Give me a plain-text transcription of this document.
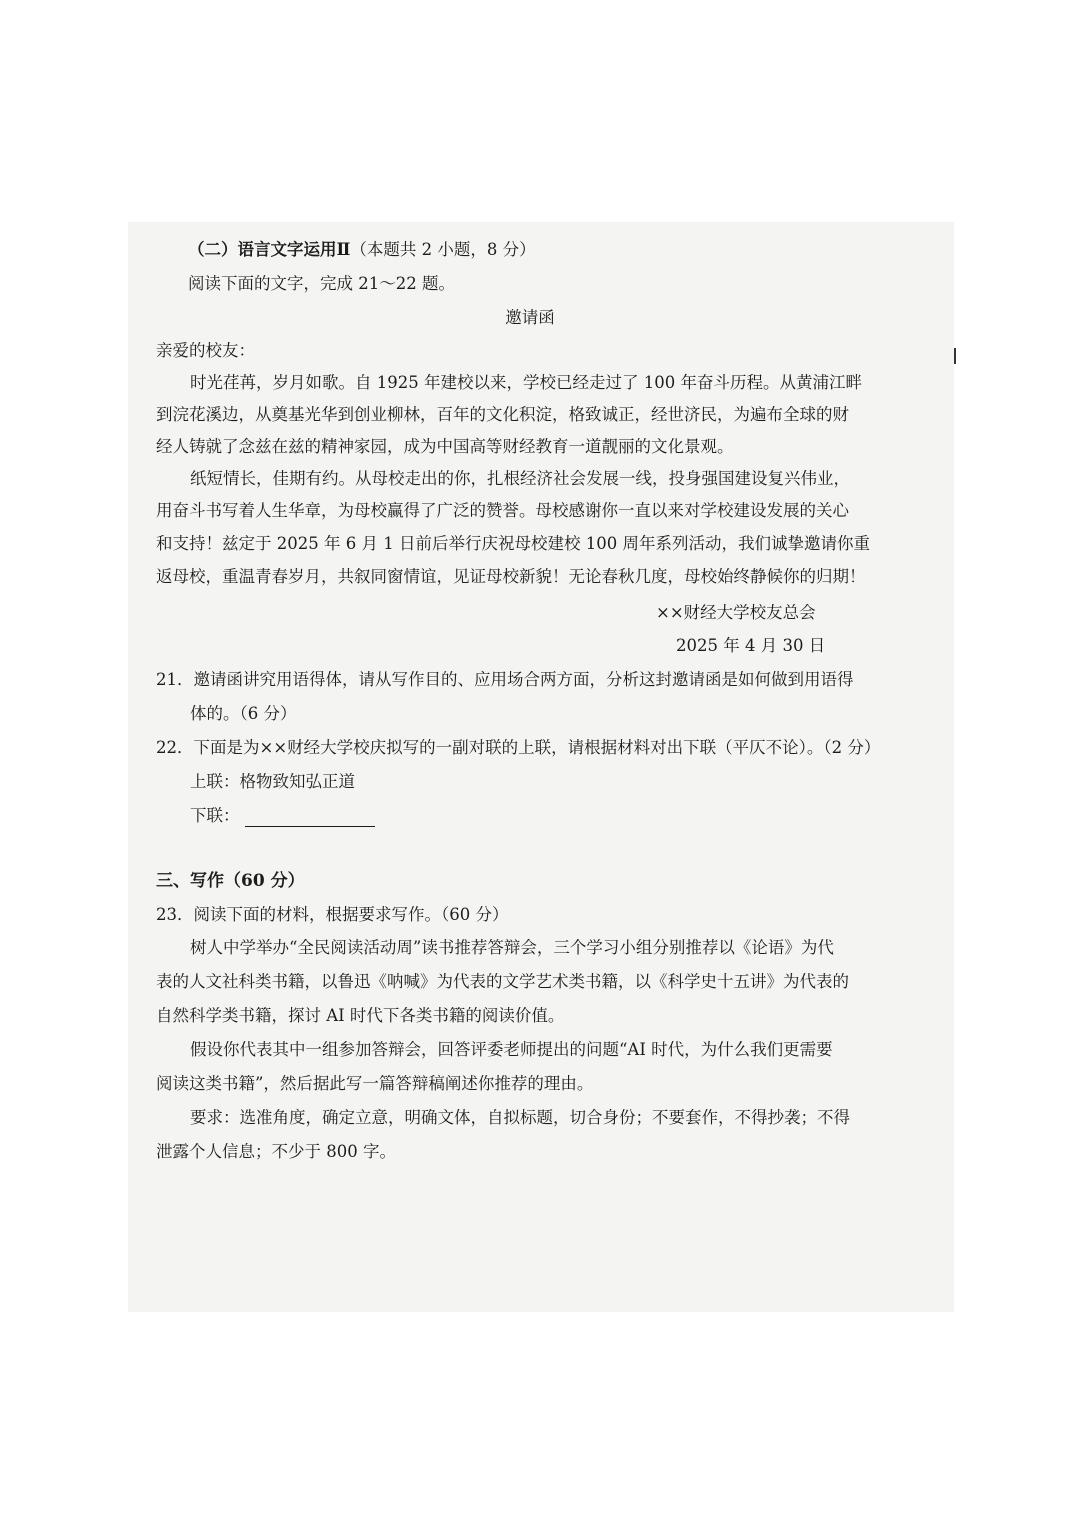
（二）语言文字运用Ⅱ（本题共 2 小题，8 分）
阅读下面的文字，完成 21～22 题。
邀请函
亲爱的校友：
时光荏苒，岁月如歌。自 1925 年建校以来，学校已经走过了 100 年奋斗历程。从黄浦江畔
到浣花溪边，从奠基光华到创业柳林，百年的文化积淀，格致诚正，经世济民，为遍布全球的财
经人铸就了念兹在兹的精神家园，成为中国高等财经教育一道靓丽的文化景观。
纸短情长，佳期有约。从母校走出的你，扎根经济社会发展一线，投身强国建设复兴伟业，
用奋斗书写着人生华章，为母校赢得了广泛的赞誉。母校感谢你一直以来对学校建设发展的关心
和支持！兹定于 2025 年 6 月 1 日前后举行庆祝母校建校 100 周年系列活动，我们诚挚邀请你重
返母校，重温青春岁月，共叙同窗情谊，见证母校新貌！无论春秋几度，母校始终静候你的归期！
××财经大学校友总会
2025 年 4 月 30 日
21．邀请函讲究用语得体，请从写作目的、应用场合两方面，分析这封邀请函是如何做到用语得
体的。（6 分）
22．下面是为××财经大学校庆拟写的一副对联的上联，请根据材料对出下联（平仄不论）。（2 分）
上联：格物致知弘正道
下联：
三、写作（60 分）
23．阅读下面的材料，根据要求写作。（60 分）
树人中学举办“全民阅读活动周”读书推荐答辩会，三个学习小组分别推荐以《论语》为代
表的人文社科类书籍，以鲁迅《呐喊》为代表的文学艺术类书籍，以《科学史十五讲》为代表的
自然科学类书籍，探讨 AI 时代下各类书籍的阅读价值。
假设你代表其中一组参加答辩会，回答评委老师提出的问题“AI 时代，为什么我们更需要
阅读这类书籍”，然后据此写一篇答辩稿阐述你推荐的理由。
要求：选准角度，确定立意，明确文体，自拟标题，切合身份；不要套作，不得抄袭；不得
泄露个人信息；不少于 800 字。
